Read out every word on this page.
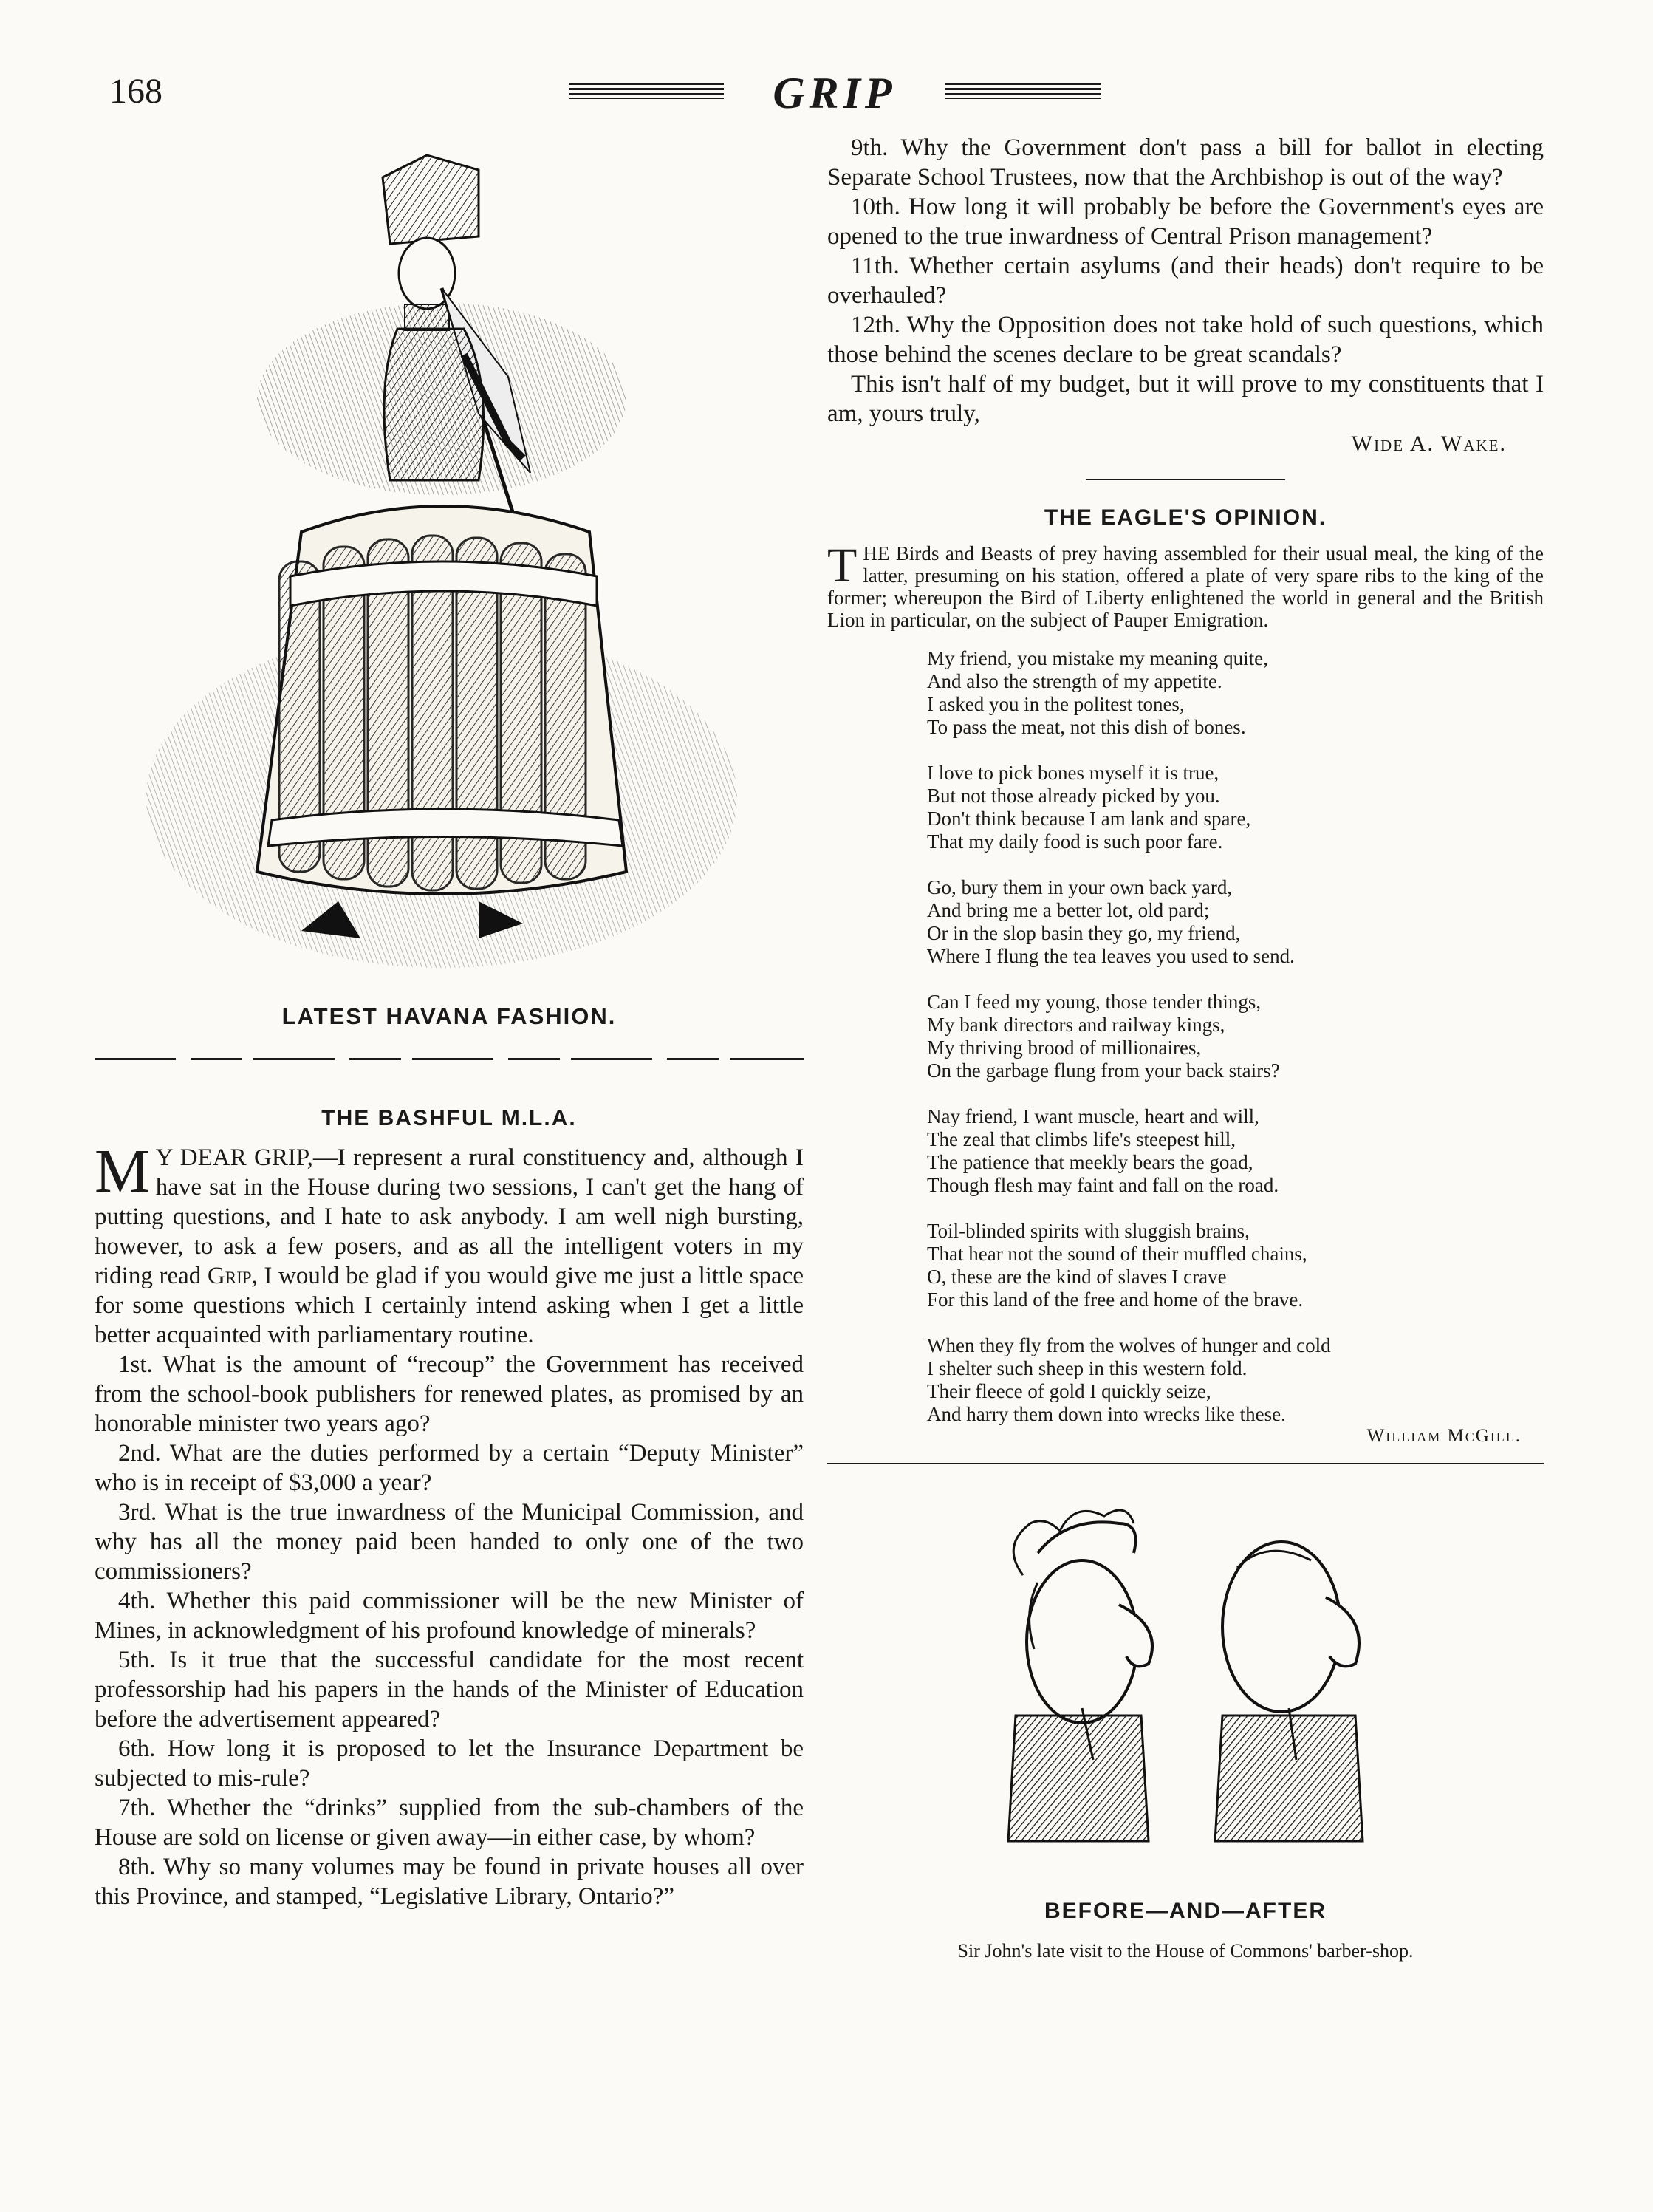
168	GRIP
LATEST HAVANA FASHION.
THE BASHFUL M.L.A.

M Y DEAR GRIP,—I represent a rural constituency and, although I have sat in the House during two sessions, I can't get the hang of putting questions, and I hate to ask anybody. I am well nigh bursting, however, to ask a few posers, and as all the intelligent voters in my riding read Grip, I would be glad if you would give me just a little space for some questions which I certainly intend asking when I get a little better acquainted with parliamentary routine.

1st. What is the amount of “recoup” the Government has received from the school-book publishers for renewed plates, as promised by an honorable minister two years ago?

2nd. What are the duties performed by a certain “Deputy Minister” who is in receipt of $3,000 a year?

3rd. What is the true inwardness of the Municipal Commission, and why has all the money paid been handed to only one of the two commissioners?

4th. Whether this paid commissioner will be the new Minister of Mines, in acknowledgment of his profound knowledge of minerals?

5th. Is it true that the successful candidate for the most recent professorship had his papers in the hands of the Minister of Education before the advertisement appeared?

6th. How long it is proposed to let the Insurance Department be subjected to mis-rule?

7th. Whether the “drinks” supplied from the sub-chambers of the House are sold on license or given away—in either case, by whom?

8th. Why so many volumes may be found in private houses all over this Province, and stamped, “Legislative Library, Ontario?”

9th. Why the Government don't pass a bill for ballot in electing Separate School Trustees, now that the Archbishop is out of the way?

10th. How long it will probably be before the Government's eyes are opened to the true inwardness of Central Prison management?

11th. Whether certain asylums (and their heads) don't require to be overhauled?

12th. Why the Opposition does not take hold of such questions, which those behind the scenes declare to be great scandals?

This isn't half of my budget, but it will prove to my constituents that I am, yours truly,

Wide A. Wake.
THE EAGLE'S OPINION.

THE Birds and Beasts of prey having assembled for their usual meal, the king of the latter, presuming on his station, offered a plate of very spare ribs to the king of the former; whereupon the Bird of Liberty enlightened the world in general and the British Lion in particular, on the subject of Pauper Emigration.

My friend, you mistake my meaning quite,
And also the strength of my appetite.
I asked you in the politest tones,
To pass the meat, not this dish of bones.
I love to pick bones myself it is true,
But not those already picked by you.
Don't think because I am lank and spare,
That my daily food is such poor fare.
Go, bury them in your own back yard,
And bring me a better lot, old pard;
Or in the slop basin they go, my friend,
Where I flung the tea leaves you used to send.
Can I feed my young, those tender things,
My bank directors and railway kings,
My thriving brood of millionaires,
On the garbage flung from your back stairs?
Nay friend, I want muscle, heart and will,
The zeal that climbs life's steepest hill,
The patience that meekly bears the goad,
Though flesh may faint and fall on the road.
Toil-blinded spirits with sluggish brains,
That hear not the sound of their muffled chains,
O, these are the kind of slaves I crave
For this land of the free and home of the brave.
When they fly from the wolves of hunger and cold
I shelter such sheep in this western fold.
Their fleece of gold I quickly seize,
And harry them down into wrecks like these.
William McGill.
BEFORE—AND—AFTER
Sir John's late visit to the House of Commons' barber-shop.
